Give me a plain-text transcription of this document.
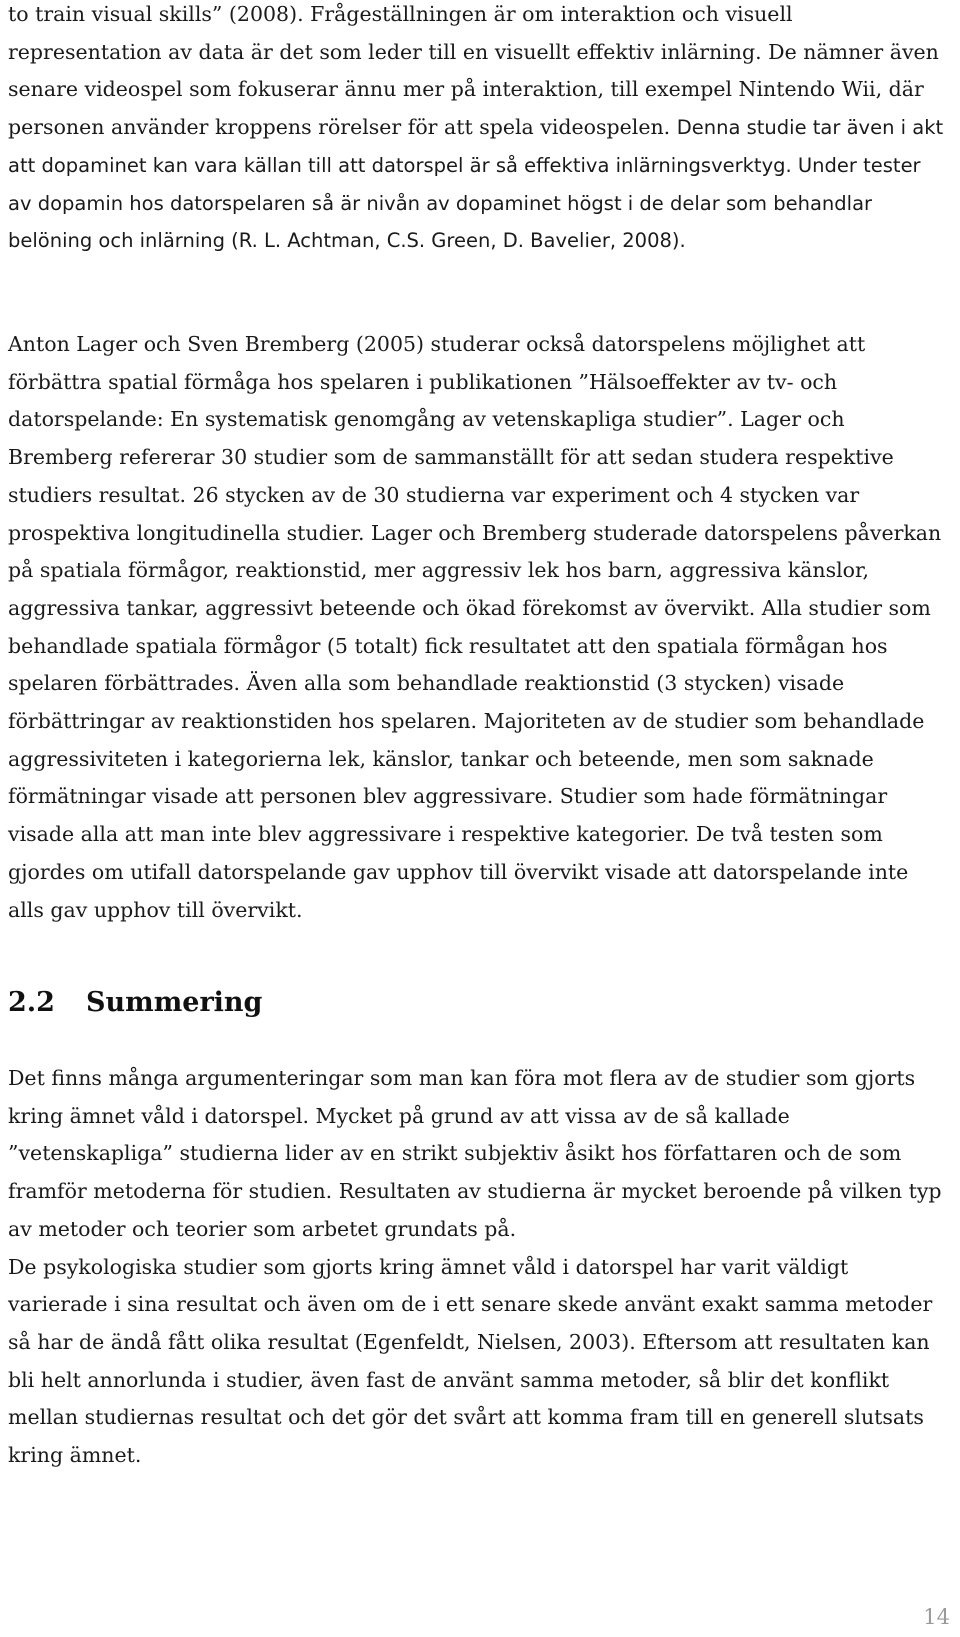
to train visual skills” (2008). Frågeställningen är om interaktion och visuell representation av data är det som leder till en visuellt effektiv inlärning. De nämner även senare videospel som fokuserar ännu mer på interaktion, till exempel Nintendo Wii, där personen använder kroppens rörelser för att spela videospelen. Denna studie tar även i akt att dopaminet kan vara källan till att datorspel är så effektiva inlärningsverktyg. Under tester av dopamin hos datorspelaren så är nivån av dopaminet högst i de delar som behandlar belöning och inlärning (R. L. Achtman, C.S. Green, D. Bavelier, 2008).

Anton Lager och Sven Bremberg (2005) studerar också datorspelens möjlighet att förbättra spatial förmåga hos spelaren i publikationen ”Hälsoeffekter av tv- och datorspelande: En systematisk genomgång av vetenskapliga studier”. Lager och Bremberg refererar 30 studier som de sammanställt för att sedan studera respektive studiers resultat. 26 stycken av de 30 studierna var experiment och 4 stycken var prospektiva longitudinella studier. Lager och Bremberg studerade datorspelens påverkan på spatiala förmågor, reaktionstid, mer aggressiv lek hos barn, aggressiva känslor, aggressiva tankar, aggressivt beteende och ökad förekomst av övervikt. Alla studier som behandlade spatiala förmågor (5 totalt) fick resultatet att den spatiala förmågan hos spelaren förbättrades. Även alla som behandlade reaktionstid (3 stycken) visade förbättringar av reaktionstiden hos spelaren. Majoriteten av de studier som behandlade aggressiviteten i kategorierna lek, känslor, tankar och beteende, men som saknade förmätningar visade att personen blev aggressivare. Studier som hade förmätningar visade alla att man inte blev aggressivare i respektive kategorier. De två testen som gjordes om utifall datorspelande gav upphov till övervikt visade att datorspelande inte alls gav upphov till övervikt.

2.2 Summering

Det finns många argumenteringar som man kan föra mot flera av de studier som gjorts kring ämnet våld i datorspel. Mycket på grund av att vissa av de så kallade ”vetenskapliga” studierna lider av en strikt subjektiv åsikt hos författaren och de som framför metoderna för studien. Resultaten av studierna är mycket beroende på vilken typ av metoder och teorier som arbetet grundats på.

De psykologiska studier som gjorts kring ämnet våld i datorspel har varit väldigt varierade i sina resultat och även om de i ett senare skede använt exakt samma metoder så har de ändå fått olika resultat (Egenfeldt, Nielsen, 2003). Eftersom att resultaten kan bli helt annorlunda i studier, även fast de använt samma metoder, så blir det konflikt mellan studiernas resultat och det gör det svårt att komma fram till en generell slutsats kring ämnet.

14
